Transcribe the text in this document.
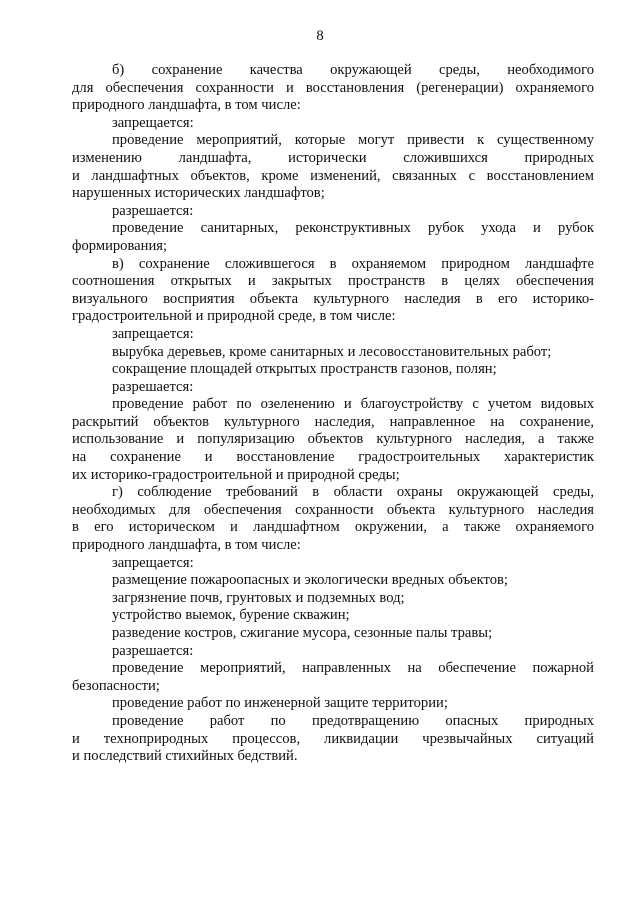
8
б) сохранение качества окружающей среды, необходимого
для обеспечения сохранности и восстановления (регенерации) охраняемого
природного ландшафта, в том числе:
запрещается:
проведение мероприятий, которые могут привести к существенному
изменению ландшафта, исторически сложившихся природных
и ландшафтных объектов, кроме изменений, связанных с восстановлением
нарушенных исторических ландшафтов;
разрешается:
проведение санитарных, реконструктивных рубок ухода и рубок
формирования;
в) сохранение сложившегося в охраняемом природном ландшафте
соотношения открытых и закрытых пространств в целях обеспечения
визуального восприятия объекта культурного наследия в его историко-
градостроительной и природной среде, в том числе:
запрещается:
вырубка деревьев, кроме санитарных и лесовосстановительных работ;
сокращение площадей открытых пространств газонов, полян;
разрешается:
проведение работ по озеленению и благоустройству с учетом видовых
раскрытий объектов культурного наследия, направленное на сохранение,
использование и популяризацию объектов культурного наследия, а также
на сохранение и восстановление градостроительных характеристик
их историко-градостроительной и природной среды;
г) соблюдение требований в области охраны окружающей среды,
необходимых для обеспечения сохранности объекта культурного наследия
в его историческом и ландшафтном окружении, а также охраняемого
природного ландшафта, в том числе:
запрещается:
размещение пожароопасных и экологически вредных объектов;
загрязнение почв, грунтовых и подземных вод;
устройство выемок, бурение скважин;
разведение костров, сжигание мусора, сезонные палы травы;
разрешается:
проведение мероприятий, направленных на обеспечение пожарной
безопасности;
проведение работ по инженерной защите территории;
проведение работ по предотвращению опасных природных
и технoприродных процессов, ликвидации чрезвычайных ситуаций
и последствий стихийных бедствий.
